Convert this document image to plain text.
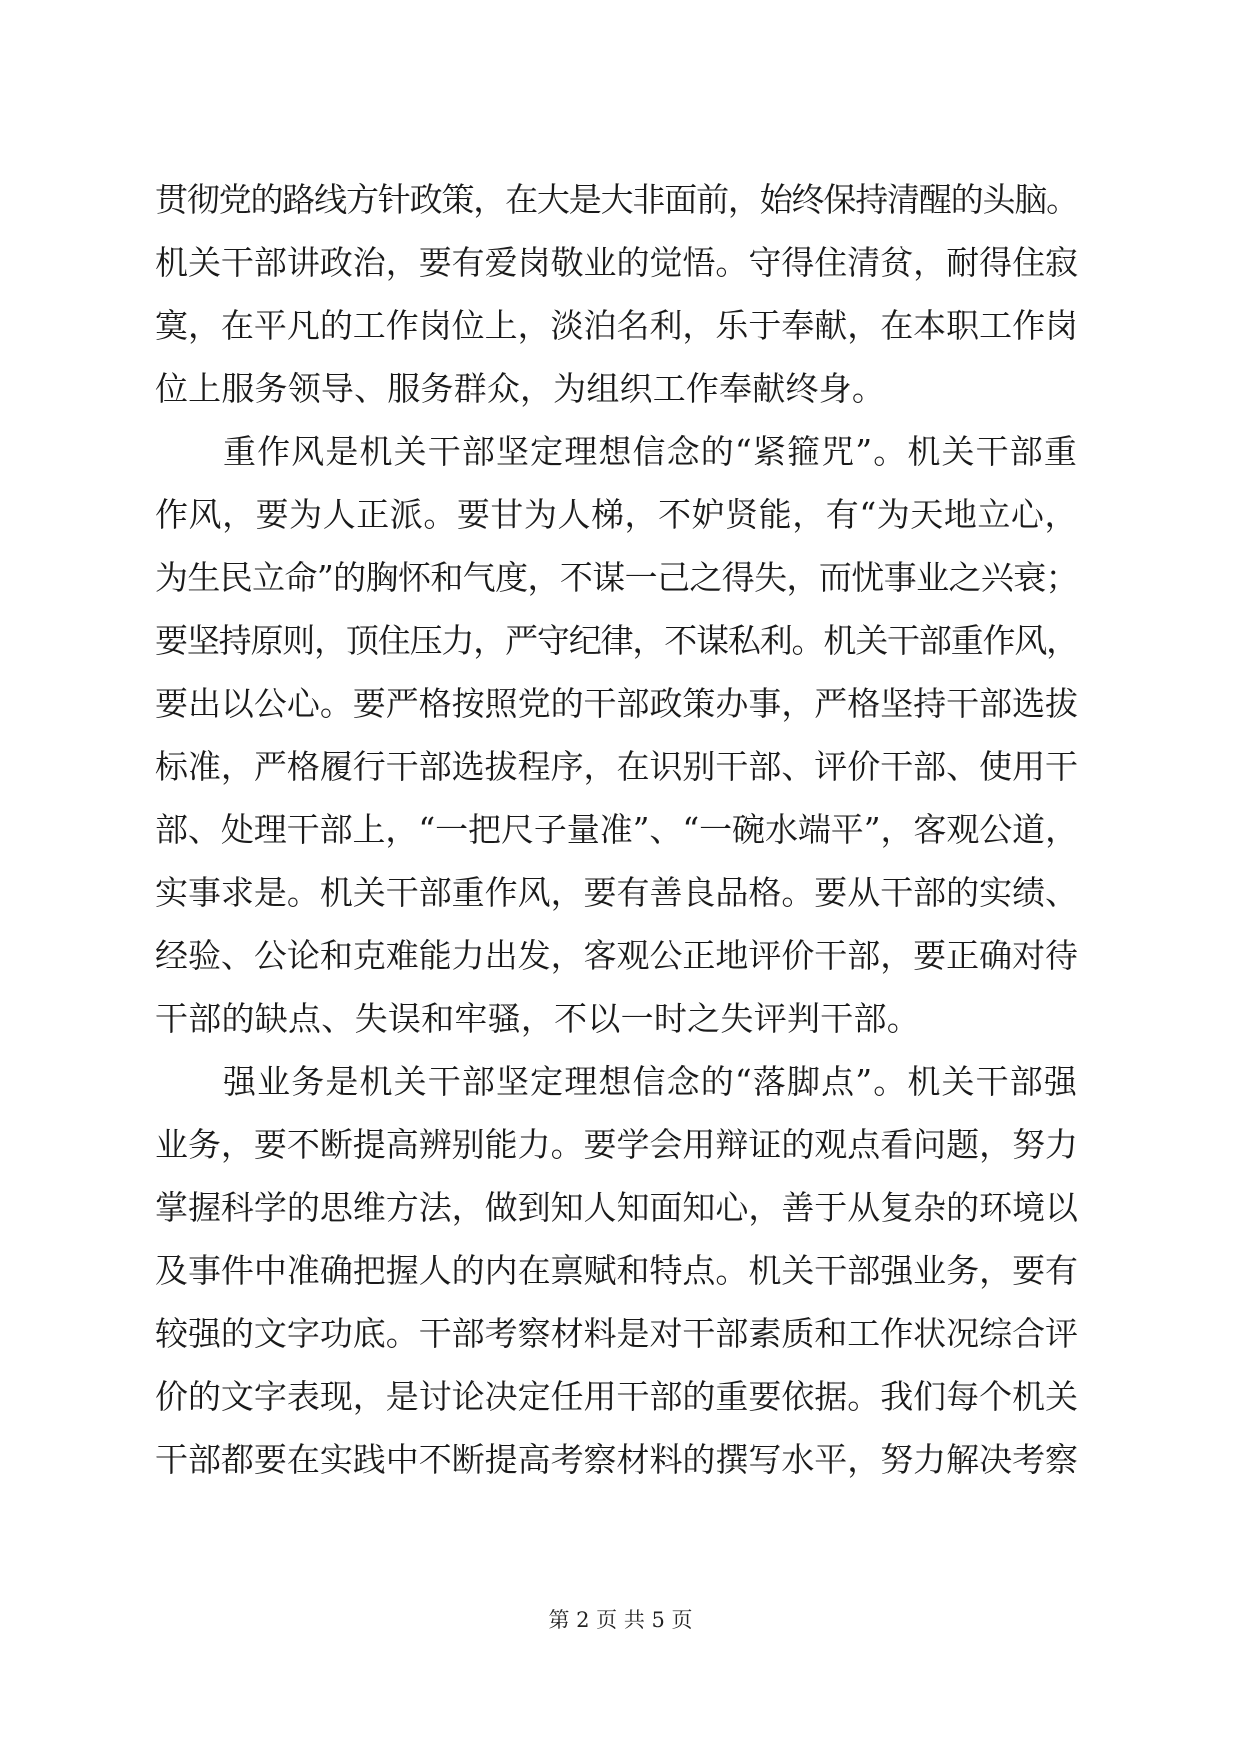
贯彻党的路线方针政策，在大是大非面前，始终保持清醒的头脑。
机关干部讲政治，要有爱岗敬业的觉悟。守得住清贫，耐得住寂
寞，在平凡的工作岗位上，淡泊名利，乐于奉献，在本职工作岗
位上服务领导、服务群众，为组织工作奉献终身。
重作风是机关干部坚定理想信念的“紧箍咒”。机关干部重
作风，要为人正派。要甘为人梯，不妒贤能，有“为天地立心，
为生民立命”的胸怀和气度，不谋一己之得失，而忧事业之兴衰；
要坚持原则，顶住压力，严守纪律，不谋私利。机关干部重作风，
要出以公心。要严格按照党的干部政策办事，严格坚持干部选拔
标准，严格履行干部选拔程序，在识别干部、评价干部、使用干
部、处理干部上，“一把尺子量准”、“一碗水端平”，客观公道，
实事求是。机关干部重作风，要有善良品格。要从干部的实绩、
经验、公论和克难能力出发，客观公正地评价干部，要正确对待
干部的缺点、失误和牢骚，不以一时之失评判干部。
强业务是机关干部坚定理想信念的“落脚点”。机关干部强
业务，要不断提高辨别能力。要学会用辩证的观点看问题，努力
掌握科学的思维方法，做到知人知面知心，善于从复杂的环境以
及事件中准确把握人的内在禀赋和特点。机关干部强业务，要有
较强的文字功底。干部考察材料是对干部素质和工作状况综合评
价的文字表现，是讨论决定任用干部的重要依据。我们每个机关
干部都要在实践中不断提高考察材料的撰写水平，努力解决考察
第 2 页 共 5 页
